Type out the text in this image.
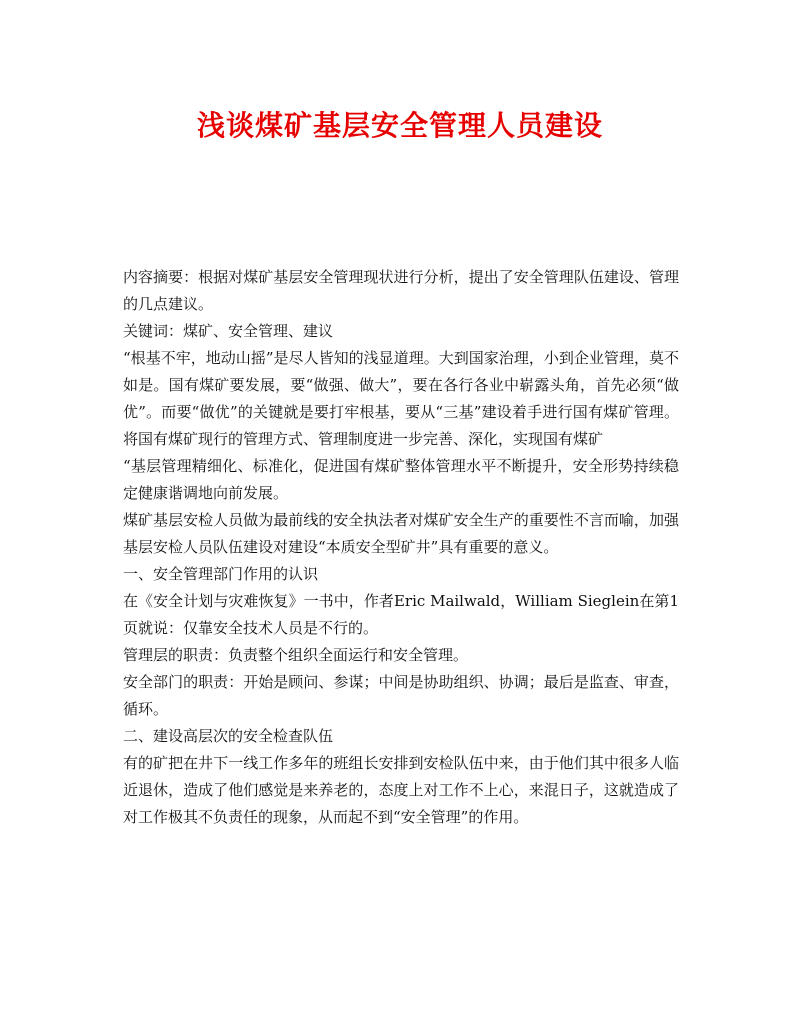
浅谈煤矿基层安全管理人员建设

内容摘要：根据对煤矿基层安全管理现状进行分析，提出了安全管理队伍建设、管理的几点建议。

关键词：煤矿、安全管理、建议

“根基不牢，地动山摇”是尽人皆知的浅显道理。大到国家治理，小到企业管理，莫不如是。国有煤矿要发展，要“做强、做大”，要在各行各业中崭露头角，首先必须“做优”。而要“做优”的关键就是要打牢根基，要从“三基”建设着手进行国有煤矿管理。将国有煤矿现行的管理方式、管理制度进一步完善、深化，实现国有煤矿

“基层管理精细化、标准化，促进国有煤矿整体管理水平不断提升，安全形势持续稳定健康谐调地向前发展。

煤矿基层安检人员做为最前线的安全执法者对煤矿安全生产的重要性不言而喻，加强基层安检人员队伍建设对建设“本质安全型矿井”具有重要的意义。

一、安全管理部门作用的认识

在《安全计划与灾难恢复》一书中，作者Eric Mailwald，William Sieglein在第1页就说：仅靠安全技术人员是不行的。

管理层的职责：负责整个组织全面运行和安全管理。

安全部门的职责：开始是顾问、参谋；中间是协助组织、协调；最后是监查、审查，循环。

二、建设高层次的安全检查队伍

有的矿把在井下一线工作多年的班组长安排到安检队伍中来，由于他们其中很多人临近退休，造成了他们感觉是来养老的，态度上对工作不上心，来混日子，这就造成了对工作极其不负责任的现象，从而起不到“安全管理”的作用。
